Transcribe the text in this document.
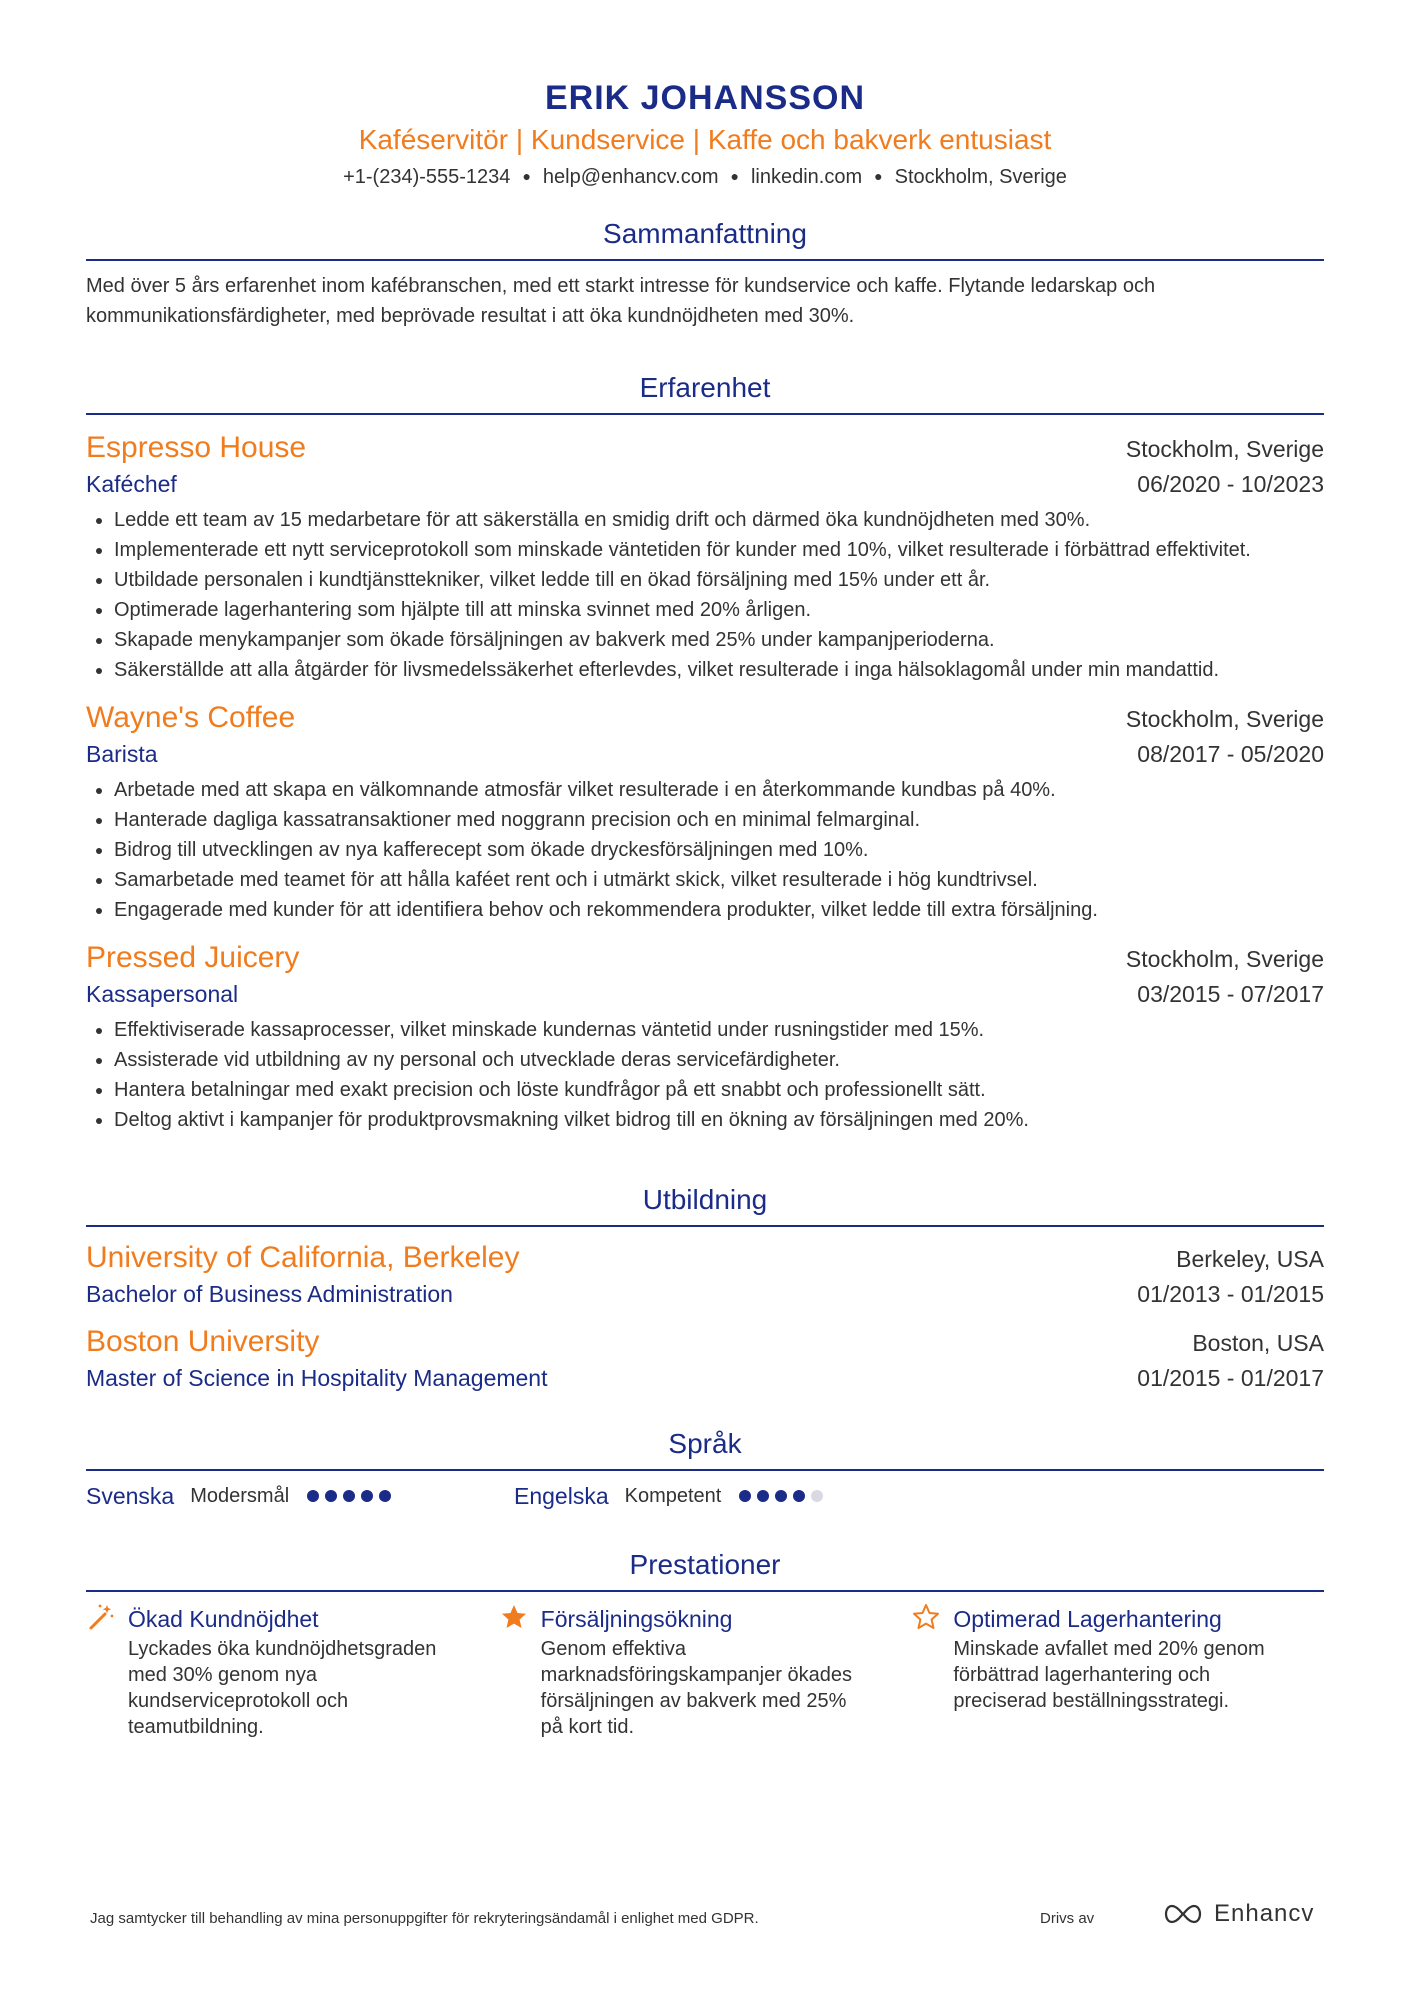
ERIK JOHANSSON
Kaféservitör | Kundservice | Kaffe och bakverk entusiast
+1-(234)-555-1234 ● help@enhancv.com ● linkedin.com ● Stockholm, Sverige
Sammanfattning
Med över 5 års erfarenhet inom kafébranschen, med ett starkt intresse för kundservice och kaffe. Flytande ledarskap och kommunikationsfärdigheter, med beprövade resultat i att öka kundnöjdheten med 30%.
Erfarenhet
Espresso House	Stockholm, Sverige
Kaféchef	06/2020 - 10/2023
• Ledde ett team av 15 medarbetare för att säkerställa en smidig drift och därmed öka kundnöjdheten med 30%.
• Implementerade ett nytt serviceprotokoll som minskade väntetiden för kunder med 10%, vilket resulterade i förbättrad effektivitet.
• Utbildade personalen i kundtjänsttekniker, vilket ledde till en ökad försäljning med 15% under ett år.
• Optimerade lagerhantering som hjälpte till att minska svinnet med 20% årligen.
• Skapade menykampanjer som ökade försäljningen av bakverk med 25% under kampanjperioderna.
• Säkerställde att alla åtgärder för livsmedelssäkerhet efterlevdes, vilket resulterade i inga hälsoklagomål under min mandattid.
Wayne's Coffee	Stockholm, Sverige
Barista	08/2017 - 05/2020
• Arbetade med att skapa en välkomnande atmosfär vilket resulterade i en återkommande kundbas på 40%.
• Hanterade dagliga kassatransaktioner med noggrann precision och en minimal felmarginal.
• Bidrog till utvecklingen av nya kafferecept som ökade dryckesförsäljningen med 10%.
• Samarbetade med teamet för att hålla kaféet rent och i utmärkt skick, vilket resulterade i hög kundtrivsel.
• Engagerade med kunder för att identifiera behov och rekommendera produkter, vilket ledde till extra försäljning.
Pressed Juicery	Stockholm, Sverige
Kassapersonal	03/2015 - 07/2017
• Effektiviserade kassaprocesser, vilket minskade kundernas väntetid under rusningstider med 15%.
• Assisterade vid utbildning av ny personal och utvecklade deras servicefärdigheter.
• Hantera betalningar med exakt precision och löste kundfrågor på ett snabbt och professionellt sätt.
• Deltog aktivt i kampanjer för produktprovsmakning vilket bidrog till en ökning av försäljningen med 20%.
Utbildning
University of California, Berkeley	Berkeley, USA
Bachelor of Business Administration	01/2013 - 01/2015
Boston University	Boston, USA
Master of Science in Hospitality Management	01/2015 - 01/2017
Språk
Svenska Modersmål	Engelska Kompetent
Prestationer
Ökad Kundnöjdhet
Lyckades öka kundnöjdhetsgraden med 30% genom nya kundserviceprotokoll och teamutbildning.
Försäljningsökning
Genom effektiva marknadsföringskampanjer ökades försäljningen av bakverk med 25% på kort tid.
Optimerad Lagerhantering
Minskade avfallet med 20% genom förbättrad lagerhantering och preciserad beställningsstrategi.
Jag samtycker till behandling av mina personuppgifter för rekryteringsändamål i enlighet med GDPR.	Drivs av	Enhancv
